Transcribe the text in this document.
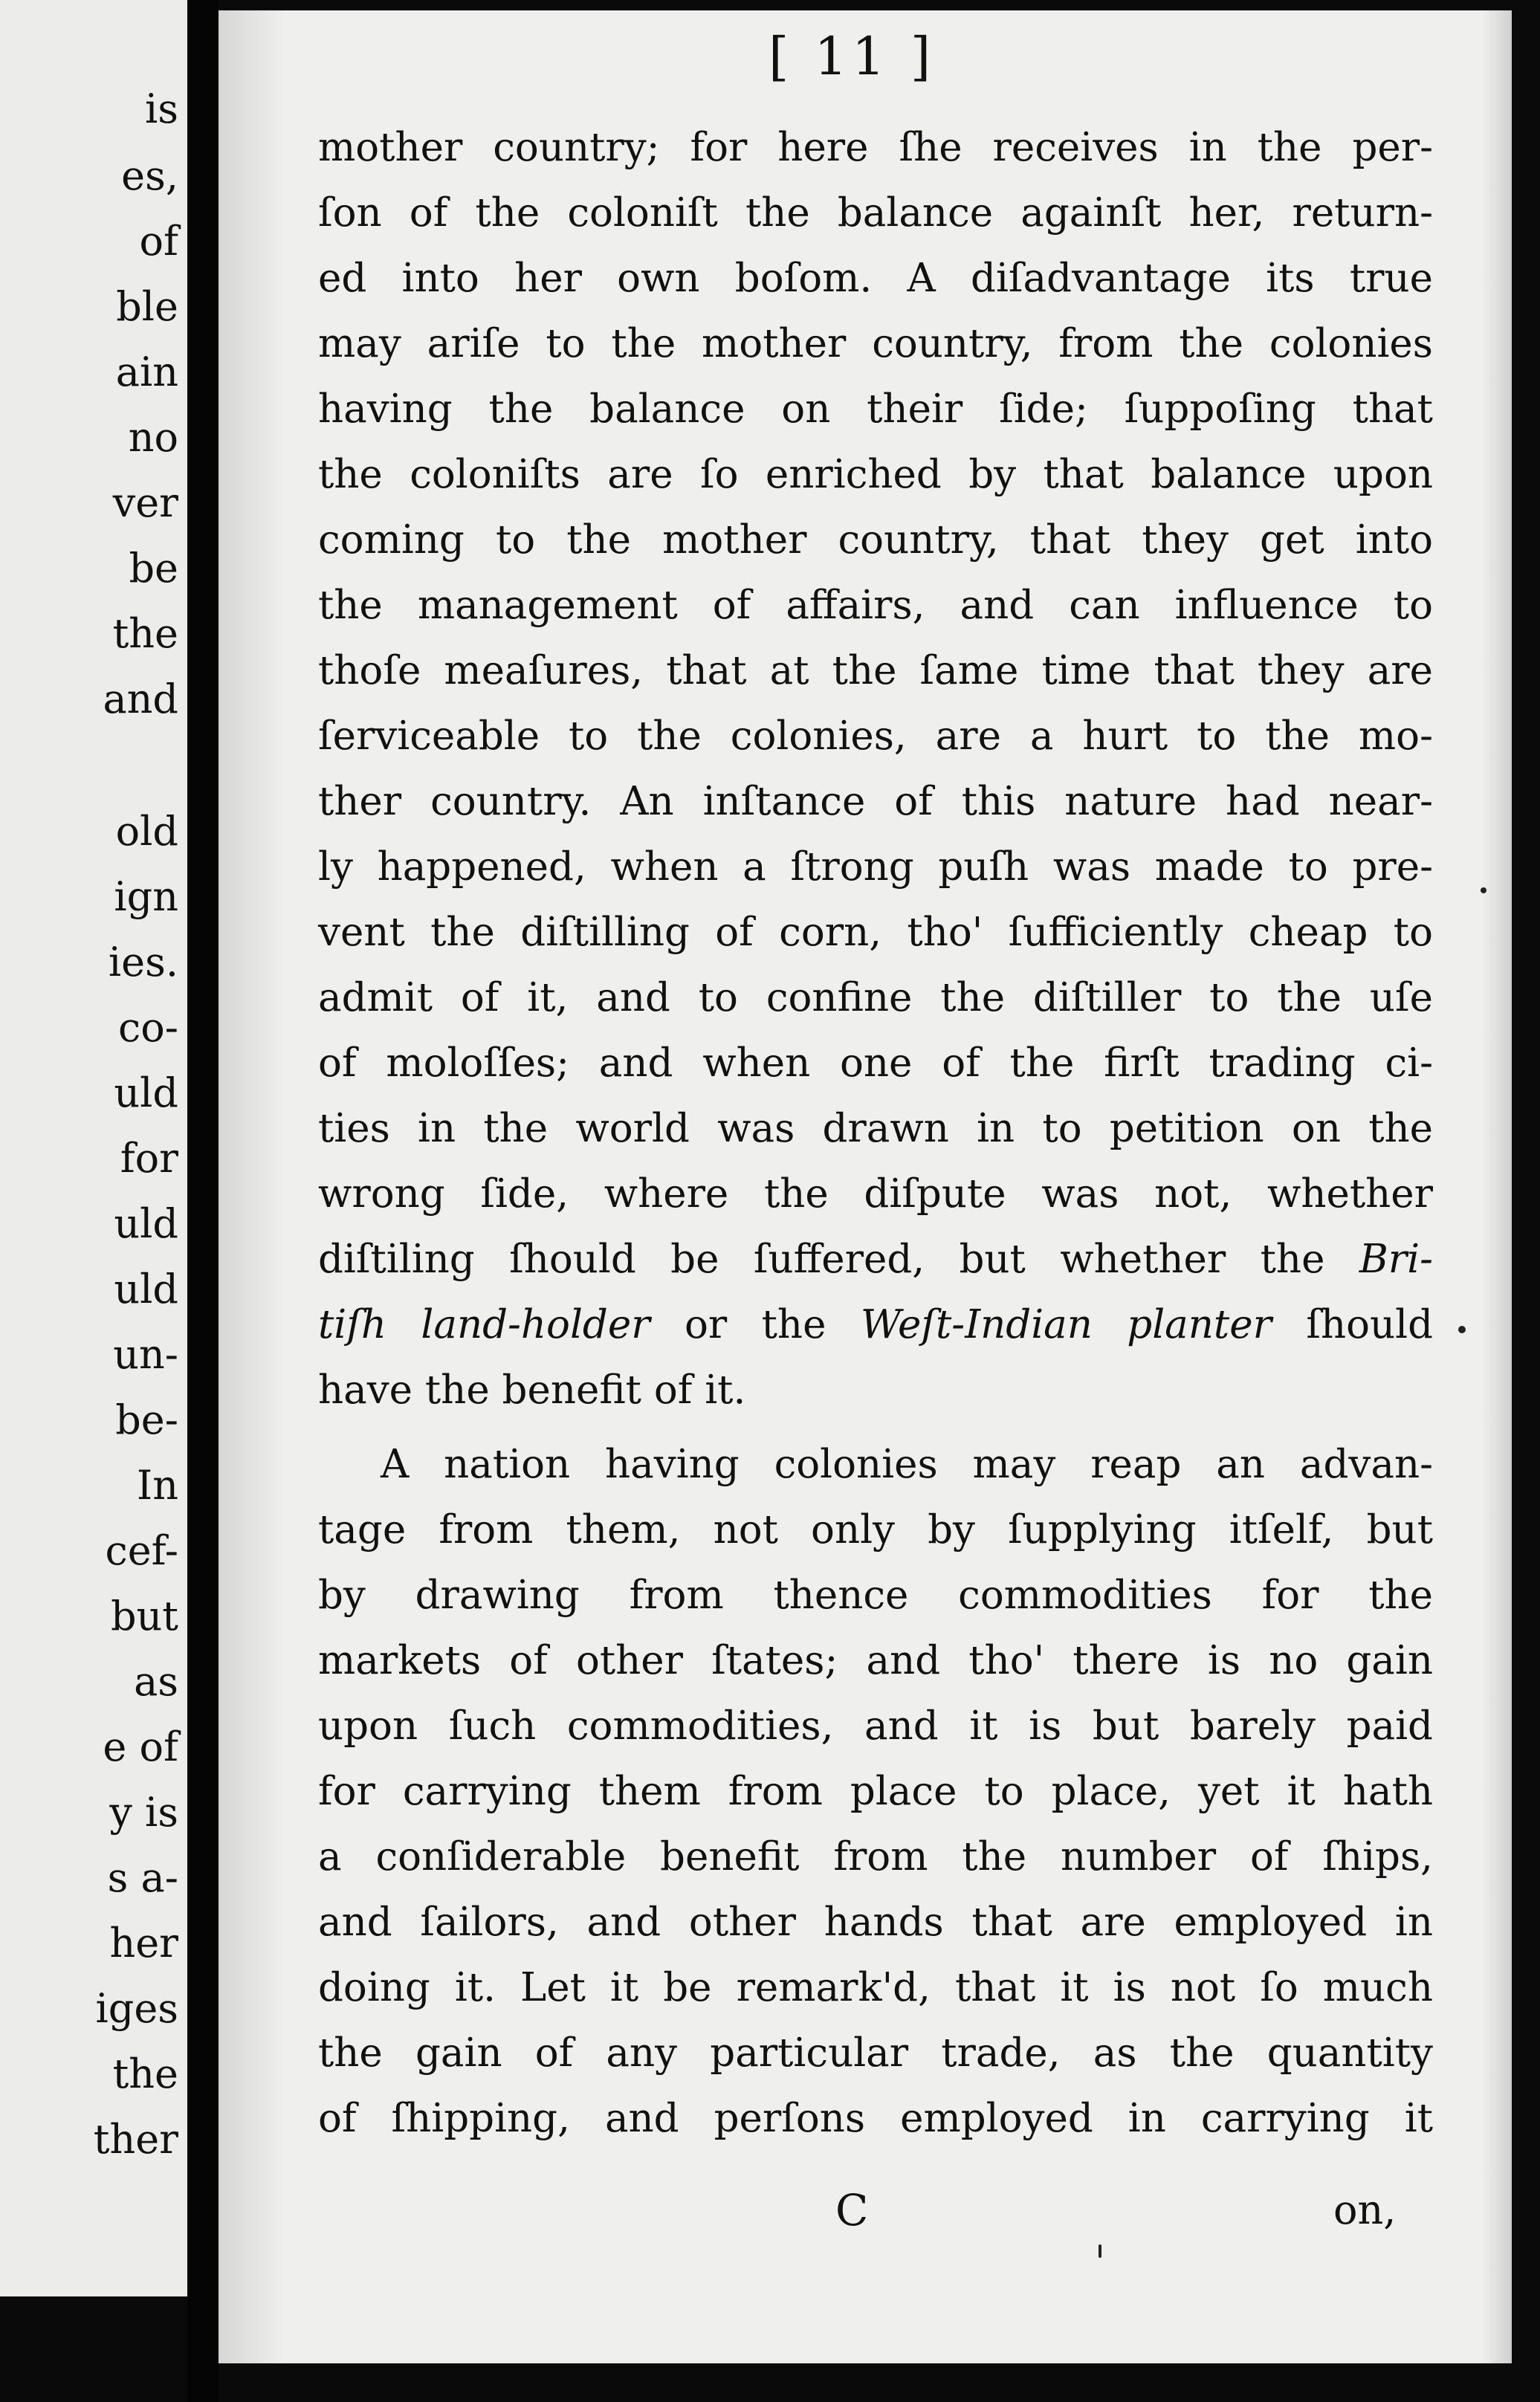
is
es,
of
ble
ain
no
ver
be
the
and
old
ign
ies.
co-
uld
for
uld
uld
un-
be-
In
cef-
but
as
e of
y is
s a-
her
iges
the
ther
[ 11 ]
mother country; for here ſhe receives in the per-
ſon of the coloniſt the balance againſt her, return-
ed into her own boſom. A diſadvantage its true
may ariſe to the mother country, from the colonies
having the balance on their ſide; ſuppoſing that
the coloniſts are ſo enriched by that balance upon
coming to the mother country, that they get into
the management of affairs, and can influence to
thoſe meaſures, that at the ſame time that they are
ſerviceable to the colonies, are a hurt to the mo-
ther country. An inſtance of this nature had near-
ly happened, when a ſtrong puſh was made to pre-
vent the diſtilling of corn, tho' ſufficiently cheap to
admit of it, and to confine the diſtiller to the uſe
of moloſſes; and when one of the firſt trading ci-
ties in the world was drawn in to petition on the
wrong ſide, where the diſpute was not, whether
diſtiling ſhould be ſuffered, but whether the Bri-
tiſh land-holder or the Weſt-Indian planter ſhould
have the benefit of it.
A nation having colonies may reap an advan-
tage from them, not only by ſupplying itſelf, but
by drawing from thence commodities for the
markets of other ſtates; and tho' there is no gain
upon ſuch commodities, and it is but barely paid
for carrying them from place to place, yet it hath
a conſiderable benefit from the number of ſhips,
and ſailors, and other hands that are employed in
doing it. Let it be remark'd, that it is not ſo much
the gain of any particular trade, as the quantity
of ſhipping, and perſons employed in carrying it
C	on,
